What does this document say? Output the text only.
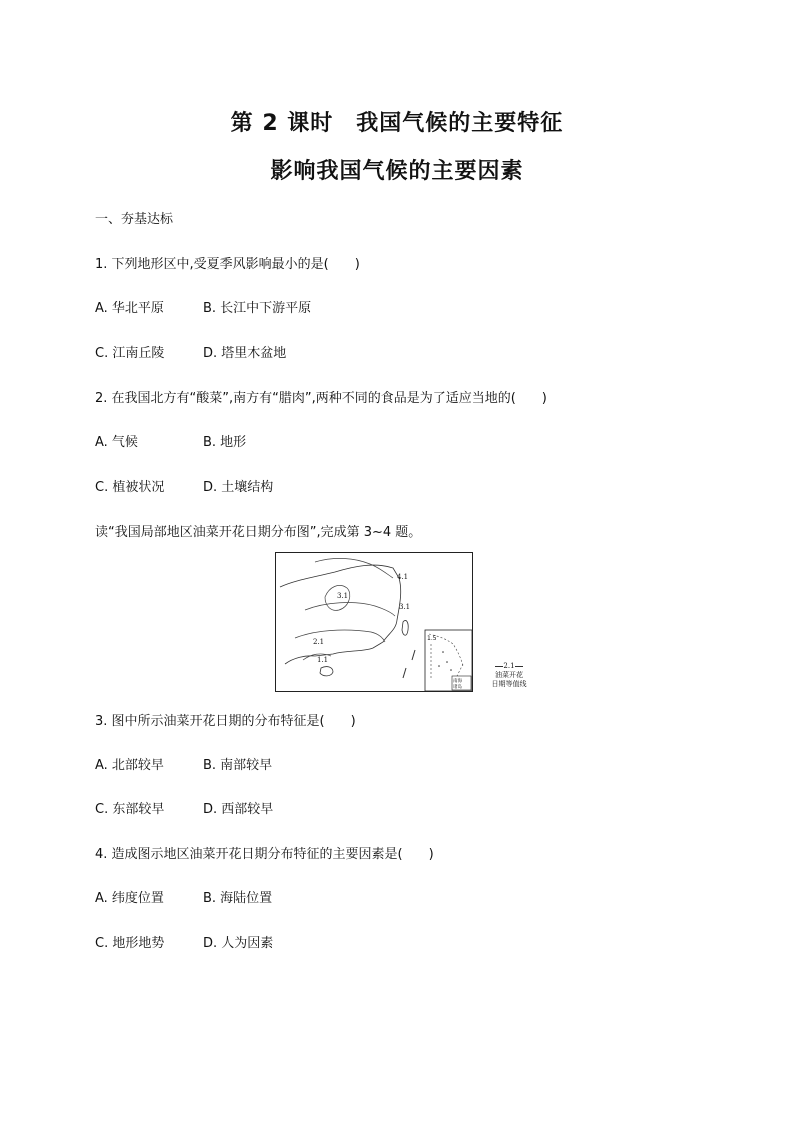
第 2 课时　我国气候的主要特征
影响我国气候的主要因素
一、夯基达标
1. 下列地形区中,受夏季风影响最小的是(　　)
A. 华北平原	B. 长江中下游平原
C. 江南丘陵	D. 塔里木盆地
2. 在我国北方有“酸菜”,南方有“腊肉”,两种不同的食品是为了适应当地的(　　)
A. 气候	B. 地形
C. 植被状况	D. 土壤结构
读“我国局部地区油菜开花日期分布图”,完成第 3~4 题。
4.1
3.1
3.1
2.1
1.1
1.5
南海
诸岛
2.1
油菜开花
日期等值线
3. 图中所示油菜开花日期的分布特征是(　　)
A. 北部较早	B. 南部较早
C. 东部较早	D. 西部较早
4. 造成图示地区油菜开花日期分布特征的主要因素是(　　)
A. 纬度位置	B. 海陆位置
C. 地形地势	D. 人为因素
